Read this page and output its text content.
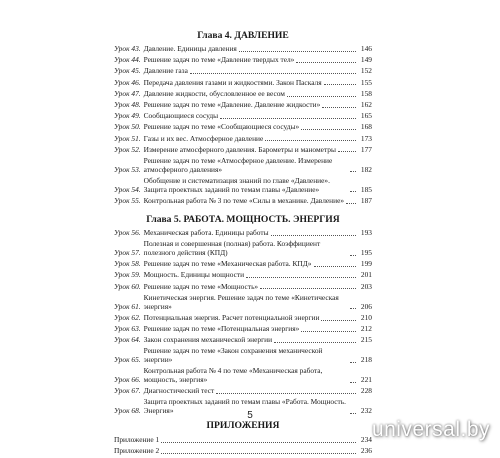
Глава 4. ДАВЛЕНИЕ
Урок 43. Давление. Единицы давления	146
Урок 44. Решение задач по теме «Давление твердых тел»	149
Урок 45. Давление газа	152
Урок 46. Передача давления газами и жидкостями. Закон Паскаля	155
Урок 47. Давление жидкости, обусловленное ее весом	158
Урок 48. Решение задач по теме «Давление. Давление жидкости»	162
Урок 49. Сообщающиеся сосуды	165
Урок 50. Решение задач по теме «Сообщающиеся сосуды»	168
Урок 51. Газы и их вес. Атмосферное давление	173
Урок 52. Измерение атмосферного давления. Барометры и манометры	177
Урок 53.
Решение задач по теме «Атмосферное давление. Измерение атмосферного давления»	182
Урок 54.
Обобщение и систематизация знаний по главе «Давление». Защита проектных заданий по темам главы «Давление»	185
Урок 55. Контрольная работа № 3 по теме «Силы в механике. Давление»	187
Глава 5. РАБОТА. МОЩНОСТЬ. ЭНЕРГИЯ
Урок 56. Механическая работа. Единицы работы	193
Урок 57.
Полезная и совершенная (полная) работа. Коэффициент полезного действия (КПД)	195
Урок 58. Решение задач по теме «Механическая работа. КПД»	199
Урок 59. Мощность. Единицы мощности	201
Урок 60. Решение задач по теме «Мощность»	203
Урок 61.
Кинетическая энергия. Решение задач по теме «Кинетическая энергия»	206
Урок 62. Потенциальная энергия. Расчет потенциальной энергии	210
Урок 63. Решение задач по теме «Потенциальная энергия»	212
Урок 64. Закон сохранения механической энергии	215
Урок 65.
Решение задач по теме «Закон сохранения механической энергии»	218
Урок 66.
Контрольная работа № 4 по теме «Механическая работа, мощность, энергия»	221
Урок 67. Диагностический тест	228
Урок 68.
Защита проектных заданий по темам главы «Работа. Мощность. Энергия»	232
ПРИЛОЖЕНИЯ
Приложение 1	234
Приложение 2	236
5
universal.by
